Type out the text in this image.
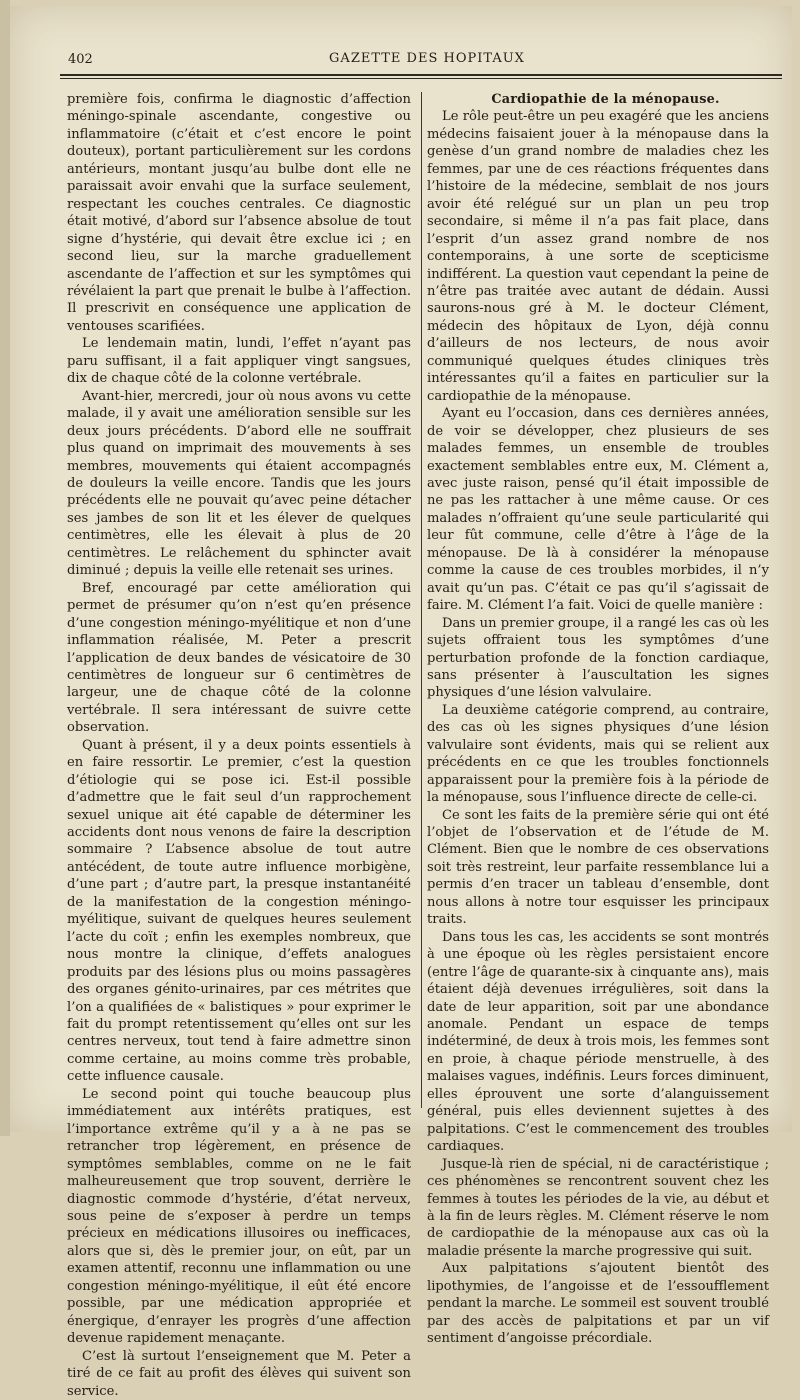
402	GAZETTE DES HOPITAUX

première fois, confirma le diagnostic d’affection méningo-spinale ascendante, congestive ou inflammatoire (c’était et c’est encore le point douteux), portant particulièrement sur les cordons antérieurs, montant jusqu’au bulbe dont elle ne paraissait avoir envahi que la surface seulement, respectant les couches centrales. Ce diagnostic était motivé, d’abord sur l’absence absolue de tout signe d’hystérie, qui devait être exclue ici ; en second lieu, sur la marche graduellement ascendante de l’affection et sur les symptômes qui révélaient la part que prenait le bulbe à l’affection. Il prescrivit en conséquence une application de ventouses scarifiées.

Le lendemain matin, lundi, l’effet n’ayant pas paru suffisant, il a fait appliquer vingt sangsues, dix de chaque côté de la colonne vertébrale.

Avant-hier, mercredi, jour où nous avons vu cette malade, il y avait une amélioration sensible sur les deux jours précédents. D’abord elle ne souffrait plus quand on imprimait des mouvements à ses membres, mouvements qui étaient accompagnés de douleurs la veille encore. Tandis que les jours précédents elle ne pouvait qu’avec peine détacher ses jambes de son lit et les élever de quelques centimètres, elle les élevait à plus de 20 centimètres. Le relâchement du sphincter avait diminué ; depuis la veille elle retenait ses urines.

Bref, encouragé par cette amélioration qui permet de présumer qu’on n’est qu’en présence d’une congestion méningo-myélitique et non d’une inflammation réalisée, M. Peter a prescrit l’application de deux bandes de vésicatoire de 30 centimètres de longueur sur 6 centimètres de largeur, une de chaque côté de la colonne vertébrale. Il sera intéressant de suivre cette observation.

Quant à présent, il y a deux points essentiels à en faire ressortir. Le premier, c’est la question d’étiologie qui se pose ici. Est-il possible d’admettre que le fait seul d’un rapprochement sexuel unique ait été capable de déterminer les accidents dont nous venons de faire la description sommaire ? L’absence absolue de tout autre antécédent, de toute autre influence morbigène, d’une part ; d’autre part, la presque instantanéité de la manifestation de la congestion méningo-myélitique, suivant de quelques heures seulement l’acte du coït ; enfin les exemples nombreux, que nous montre la clinique, d’effets analogues produits par des lésions plus ou moins passagères des organes génito-urinaires, par ces métrites que l’on a qualifiées de « balistiques » pour exprimer le fait du prompt retentissement qu’elles ont sur les centres nerveux, tout tend à faire admettre sinon comme certaine, au moins comme très probable, cette influence causale.

Le second point qui touche beaucoup plus immédiatement aux intérêts pratiques, est l’importance extrême qu’il y a à ne pas se retrancher trop légèrement, en présence de symptômes semblables, comme on ne le fait malheureusement que trop souvent, derrière le diagnostic commode d’hystérie, d’état nerveux, sous peine de s’exposer à perdre un temps précieux en médications illusoires ou inefficaces, alors que si, dès le premier jour, on eût, par un examen attentif, reconnu une inflammation ou une congestion méningo-myélitique, il eût été encore possible, par une médication appropriée et énergique, d’enrayer les progrès d’une affection devenue rapidement menaçante.

C’est là surtout l’enseignement que M. Peter a tiré de ce fait au profit des élèves qui suivent son service.

Cardiopathie de la ménopause.

Le rôle peut-être un peu exagéré que les anciens médecins faisaient jouer à la ménopause dans la genèse d’un grand nombre de maladies chez les femmes, par une de ces réactions fréquentes dans l’histoire de la médecine, semblait de nos jours avoir été relégué sur un plan un peu trop secondaire, si même il n’a pas fait place, dans l’esprit d’un assez grand nombre de nos contemporains, à une sorte de scepticisme indifférent. La question vaut cependant la peine de n’être pas traitée avec autant de dédain. Aussi saurons-nous gré à M. le docteur Clément, médecin des hôpitaux de Lyon, déjà connu d’ailleurs de nos lecteurs, de nous avoir communiqué quelques études cliniques très intéressantes qu’il a faites en particulier sur la cardiopathie de la ménopause.

Ayant eu l’occasion, dans ces dernières années, de voir se développer, chez plusieurs de ses malades femmes, un ensemble de troubles exactement semblables entre eux, M. Clément a, avec juste raison, pensé qu’il était impossible de ne pas les rattacher à une même cause. Or ces malades n’offraient qu’une seule particularité qui leur fût commune, celle d’être à l’âge de la ménopause. De là à considérer la ménopause comme la cause de ces troubles morbides, il n’y avait qu’un pas. C’était ce pas qu’il s’agissait de faire. M. Clément l’a fait. Voici de quelle manière :

Dans un premier groupe, il a rangé les cas où les sujets offraient tous les symptômes d’une perturbation profonde de la fonction cardiaque, sans présenter à l’auscultation les signes physiques d’une lésion valvulaire.

La deuxième catégorie comprend, au contraire, des cas où les signes physiques d’une lésion valvulaire sont évidents, mais qui se relient aux précédents en ce que les troubles fonctionnels apparaissent pour la première fois à la période de la ménopause, sous l’influence directe de celle-ci.

Ce sont les faits de la première série qui ont été l’objet de l’observation et de l’étude de M. Clément. Bien que le nombre de ces observations soit très restreint, leur parfaite ressemblance lui a permis d’en tracer un tableau d’ensemble, dont nous allons à notre tour esquisser les principaux traits.

Dans tous les cas, les accidents se sont montrés à une époque où les règles persistaient encore (entre l’âge de quarante-six à cinquante ans), mais étaient déjà devenues irrégulières, soit dans la date de leur apparition, soit par une abondance anomale. Pendant un espace de temps indéterminé, de deux à trois mois, les femmes sont en proie, à chaque période menstruelle, à des malaises vagues, indéfinis. Leurs forces diminuent, elles éprouvent une sorte d’alanguissement général, puis elles deviennent sujettes à des palpitations. C’est le commencement des troubles cardiaques.

Jusque-là rien de spécial, ni de caractéristique ; ces phénomènes se rencontrent souvent chez les femmes à toutes les périodes de la vie, au début et à la fin de leurs règles. M. Clément réserve le nom de cardiopathie de la ménopause aux cas où la maladie présente la marche progressive qui suit.

Aux palpitations s’ajoutent bientôt des lipothymies, de l’angoisse et de l’essoufflement pendant la marche. Le sommeil est souvent troublé par des accès de palpitations et par un vif sentiment d’angoisse précordiale.
